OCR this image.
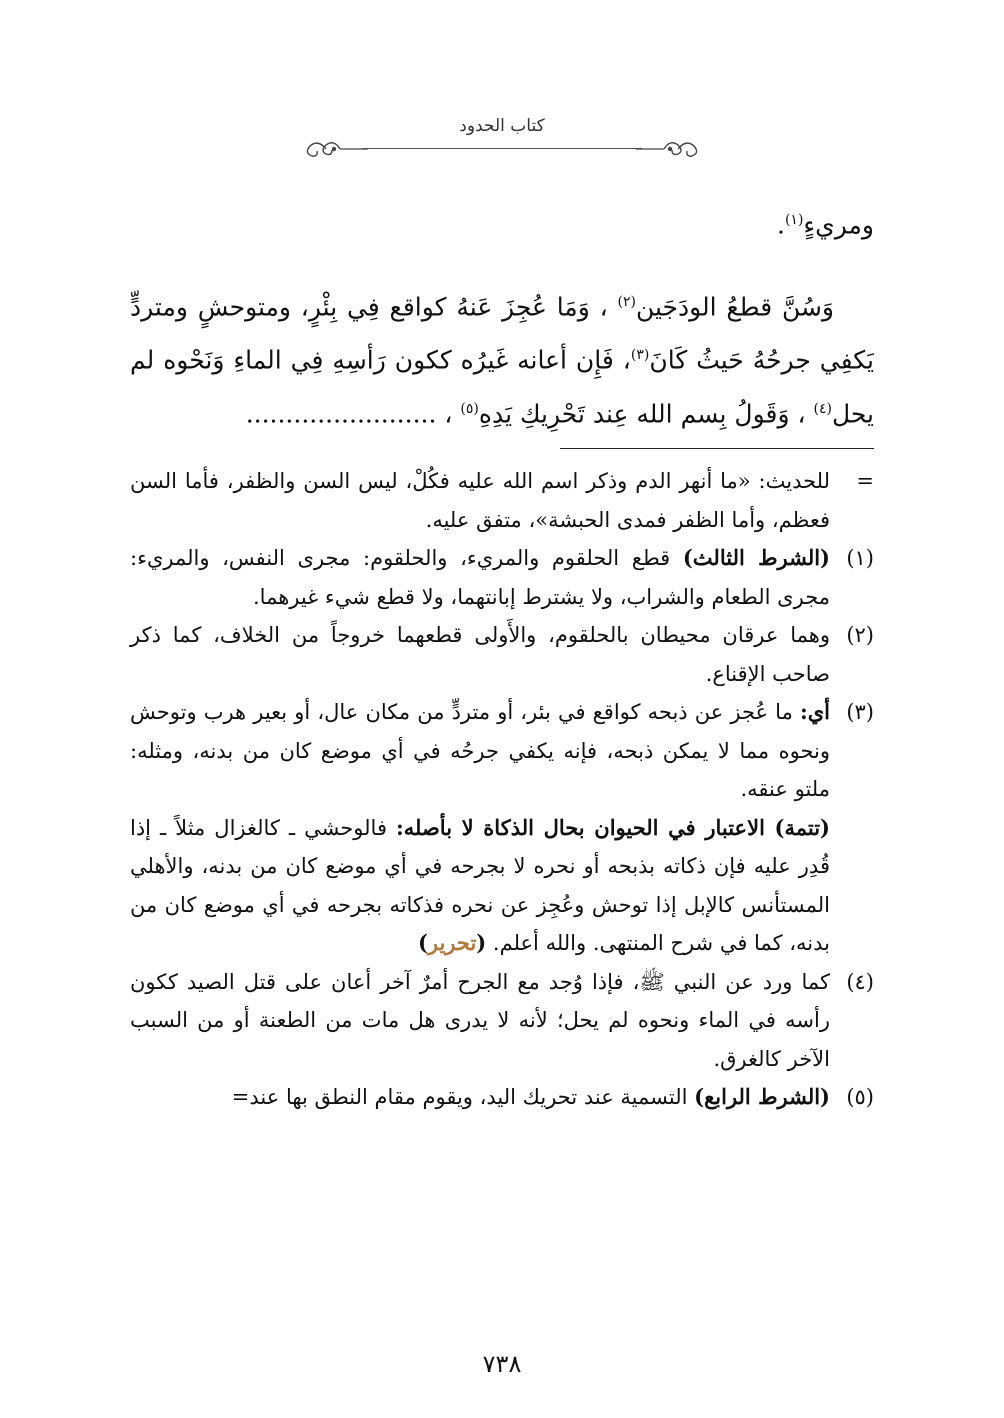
كتاب الحدود
ومريءٍ$^{(١)}$.
وَسُنَّ قطعُ الودَجَين$^{(٢)}$ ، وَمَا عُجِزَ عَنهُ كواقع فِي بِئْرٍ، ومتوحشٍ ومتردٍّ يَكفِي جرحُهُ حَيثُ كَانَ$^{(٣)}$، فَإِن أعانه غَيرُه ككون رَأسِهِ فِي الماءِ وَنَحْوه لم يحل$^{(٤)}$ ، وَقَولُ بِسم الله عِند تَحْرِيكِ يَدِهِ$^{(٥)}$ ، ........................
=
للحديث: «ما أنهر الدم وذكر اسم الله عليه فكُلْ، ليس السن والظفر، فأما السن فعظم، وأما الظفر فمدى الحبشة»، متفق عليه.
(١)
(الشرط الثالث) قطع الحلقوم والمريء، والحلقوم: مجرى النفس، والمريء: مجرى الطعام والشراب، ولا يشترط إبانتهما، ولا قطع شيء غيرهما.
(٢)
وهما عرقان محيطان بالحلقوم، والأَولى قطعهما خروجاً من الخلاف، كما ذكر صاحب الإقناع.
(٣)
أي: ما عُجز عن ذبحه كواقع في بئر، أو متردٍّ من مكان عال، أو بعير هرب وتوحش ونحوه مما لا يمكن ذبحه، فإنه يكفي جرحُه في أي موضع كان من بدنه، ومثله: ملتو عنقه.
(تتمة) الاعتبار في الحيوان بحال الذكاة لا بأصله: فالوحشي ـ كالغزال مثلاً ـ إذا قُدِر عليه فإن ذكاته بذبحه أو نحره لا بجرحه في أي موضع كان من بدنه، والأهلي المستأنس كالإبل إذا توحش وعُجِز عن نحره فذكاته بجرحه في أي موضع كان من بدنه، كما في شرح المنتهى. والله أعلم. (تحرير)
(٤)
كما ورد عن النبي ﷺ، فإذا وُجد مع الجرح أمرٌ آخر أعان على قتل الصيد ككون رأسه في الماء ونحوه لم يحل؛ لأنه لا يدرى هل مات من الطعنة أو من السبب الآخر كالغرق.
(٥)
(الشرط الرابع) التسمية عند تحريك اليد، ويقوم مقام النطق بها عند=
٧٣٨
